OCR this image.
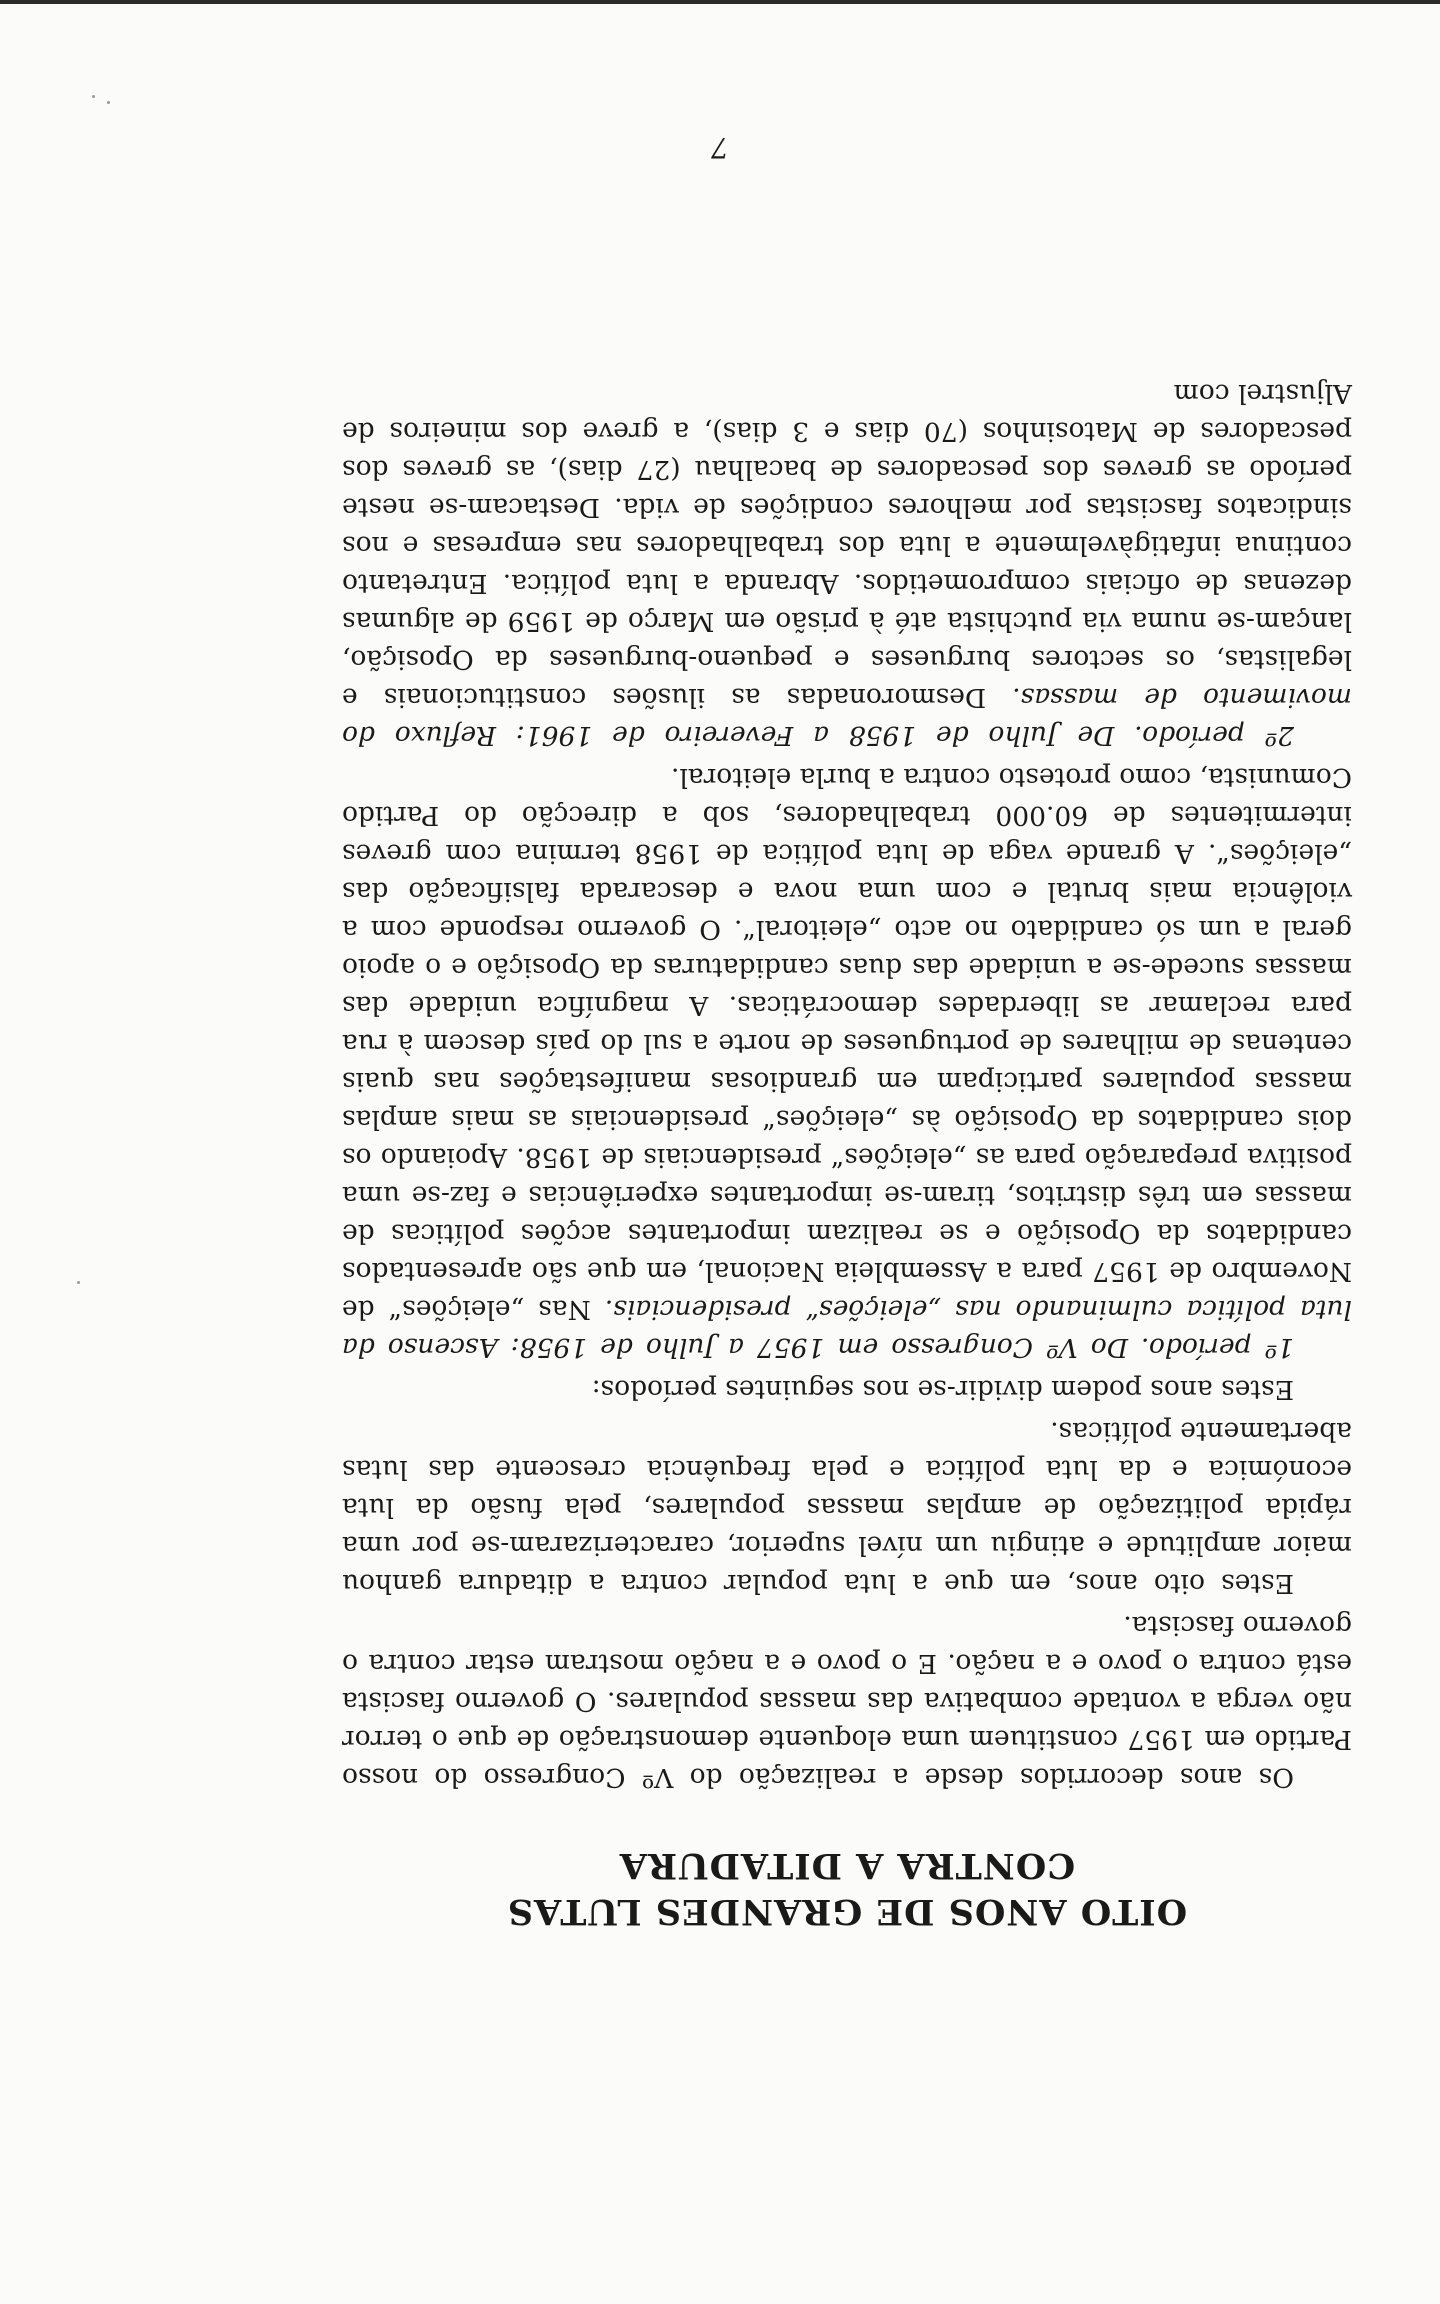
OITO ANOS DE GRANDES LUTAS
CONTRA A DITADURA

Os anos decorridos desde a realização do Vº Congresso do nosso Partido em 1957 constituem uma eloquente demonstração de que o terror não verga a vontade combativa das massas populares. O governo fascista está contra o povo e a nação. E o povo e a nação mostram estar contra o governo fascista.

Estes oito anos, em que a luta popular contra a ditadura ganhou maior amplitude e atingiu um nível superior, caracterizaram-se por uma rápida politização de amplas massas populares, pela fusão da luta económica e da luta política e pela frequência crescente das lutas abertamente políticas.

Estes anos podem dividir-se nos seguintes períodos:

1º período. Do Vº Congresso em 1957 a Julho de 1958: Ascenso da luta política culminando nas „eleições“ presidenciais. Nas „eleições“ de Novembro de 1957 para a Assembleia Nacional, em que são apresentados candidatos da Oposição e se realizam importantes acções políticas de massas em três distritos, tiram-se importantes experiências e faz-se uma positiva preparação para as „eleições“ presidenciais de 1958. Apoiando os dois candidatos da Oposição às „eleições“ presidenciais as mais amplas massas populares participam em grandiosas manifestações nas quais centenas de milhares de portugueses de norte a sul do país descem à rua para reclamar as liberdades democráticas. A magnífica unidade das massas sucede-se a unidade das duas candidaturas da Oposição e o apoio geral a um só candidato no acto „eleitoral“. O governo responde com a violência mais brutal e com uma nova e descarada falsificação das „eleições“. A grande vaga de luta política de 1958 termina com greves intermitentes de 60.000 trabalhadores, sob a direcção do Partido Comunista, como protesto contra a burla eleitoral.

2º período. De Julho de 1958 a Fevereiro de 1961: Refluxo do movimento de massas. Desmoronadas as ilusões constitucionais e legalistas, os sectores burgueses e pequeno-burgueses da Oposição, lançam-se numa via putchista até à prisão em Março de 1959 de algumas dezenas de oficiais comprometidos. Abranda a luta política. Entretanto continua infatigàvelmente a luta dos trabalhadores nas empresas e nos sindicatos fascistas por melhores condições de vida. Destacam-se neste período as greves dos pescadores de bacalhau (27 dias), as greves dos pescadores de Matosinhos (70 dias e 3 dias), a greve dos mineiros de Aljustrel com

7
